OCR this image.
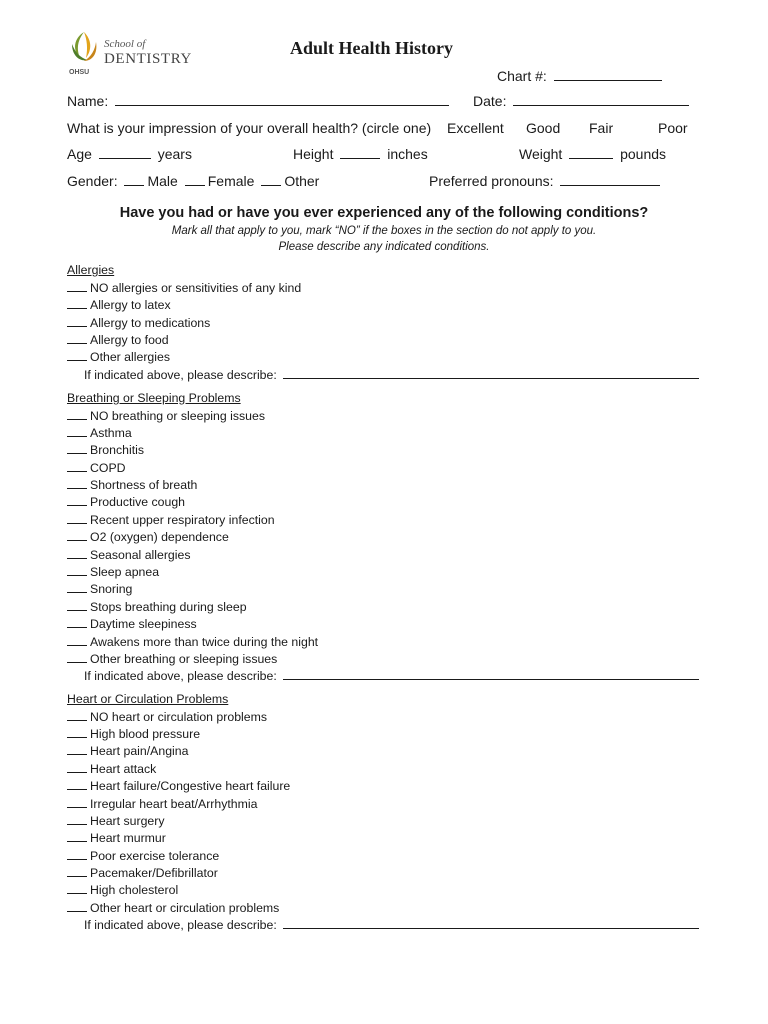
School of
DENTISTRY
OHSU
Adult Health History
Chart #:
Name:	Date:
What is your impression of your overall health? (circle one) Excellent Good Fair	Poor
Age	years	Height	inches	Weight	pounds
Gender: Male Female Other	Preferred pronouns:
Have you had or have you ever experienced any of the following conditions?
Mark all that apply to you, mark “NO” if the boxes in the section do not apply to you.
Please describe any indicated conditions.
Allergies
NO allergies or sensitivities of any kind
Allergy to latex
Allergy to medications
Allergy to food
Other allergies
If indicated above, please describe:
Breathing or Sleeping Problems
NO breathing or sleeping issues
Asthma
Bronchitis
COPD
Shortness of breath
Productive cough
Recent upper respiratory infection
O2 (oxygen) dependence
Seasonal allergies
Sleep apnea
Snoring
Stops breathing during sleep
Daytime sleepiness
Awakens more than twice during the night
Other breathing or sleeping issues
If indicated above, please describe:
Heart or Circulation Problems
NO heart or circulation problems
High blood pressure
Heart pain/Angina
Heart attack
Heart failure/Congestive heart failure
Irregular heart beat/Arrhythmia
Heart surgery
Heart murmur
Poor exercise tolerance
Pacemaker/Defibrillator
High cholesterol
Other heart or circulation problems
If indicated above, please describe:
